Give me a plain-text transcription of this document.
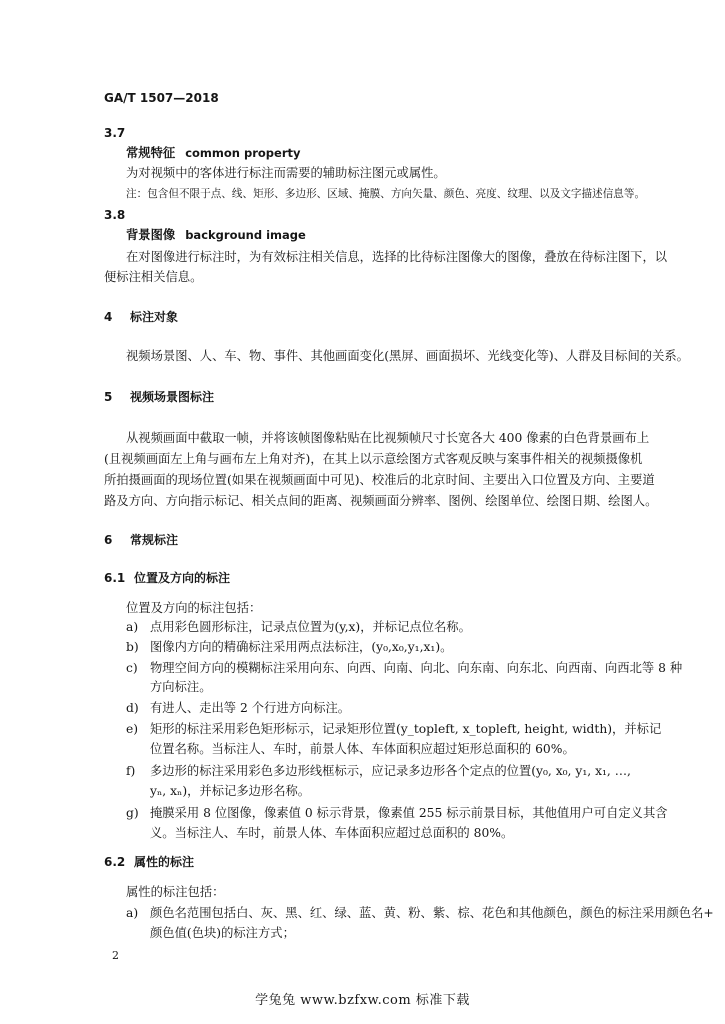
GA/T 1507—2018
3.7
常规特征 common property
为对视频中的客体进行标注而需要的辅助标注图元或属性。
注：包含但不限于点、线、矩形、多边形、区域、掩膜、方向矢量、颜色、亮度、纹理、以及文字描述信息等。
3.8
背景图像 background image
在对图像进行标注时，为有效标注相关信息，选择的比待标注图像大的图像，叠放在待标注图下，以
便标注相关信息。
4 标注对象
视频场景图、人、车、物、事件、其他画面变化(黑屏、画面损坏、光线变化等)、人群及目标间的关系。
5 视频场景图标注
从视频画面中截取一帧，并将该帧图像粘贴在比视频帧尺寸长宽各大 400 像素的白色背景画布上
(且视频画面左上角与画布左上角对齐)，在其上以示意绘图方式客观反映与案事件相关的视频摄像机
所拍摄画面的现场位置(如果在视频画面中可见)、校准后的北京时间、主要出入口位置及方向、主要道
路及方向、方向指示标记、相关点间的距离、视频画面分辨率、图例、绘图单位、绘图日期、绘图人。
6 常规标注
6.1 位置及方向的标注
位置及方向的标注包括：
a) 点用彩色圆形标注，记录点位置为(y,x)，并标记点位名称。
b) 图像内方向的精确标注采用两点法标注，(y₀,x₀,y₁,x₁)。
c) 物理空间方向的模糊标注采用向东、向西、向南、向北、向东南、向东北、向西南、向西北等 8 种
方向标注。
d) 有进人、走出等 2 个行进方向标注。
e) 矩形的标注采用彩色矩形标示，记录矩形位置(y_topleft, x_topleft, height, width)，并标记
位置名称。当标注人、车时，前景人体、车体面积应超过矩形总面积的 60%。
f) 多边形的标注采用彩色多边形线框标示，应记录多边形各个定点的位置(y₀, x₀, y₁, x₁, …,
yₙ, xₙ)，并标记多边形名称。
g) 掩膜采用 8 位图像，像素值 0 标示背景，像素值 255 标示前景目标，其他值用户可自定义其含
义。当标注人、车时，前景人体、车体面积应超过总面积的 80%。
6.2 属性的标注
属性的标注包括：
a) 颜色名范围包括白、灰、黑、红、绿、蓝、黄、粉、紫、棕、花色和其他颜色，颜色的标注采用颜色名+
颜色值(色块)的标注方式；
2
学兔兔 www.bzfxw.com 标准下载
